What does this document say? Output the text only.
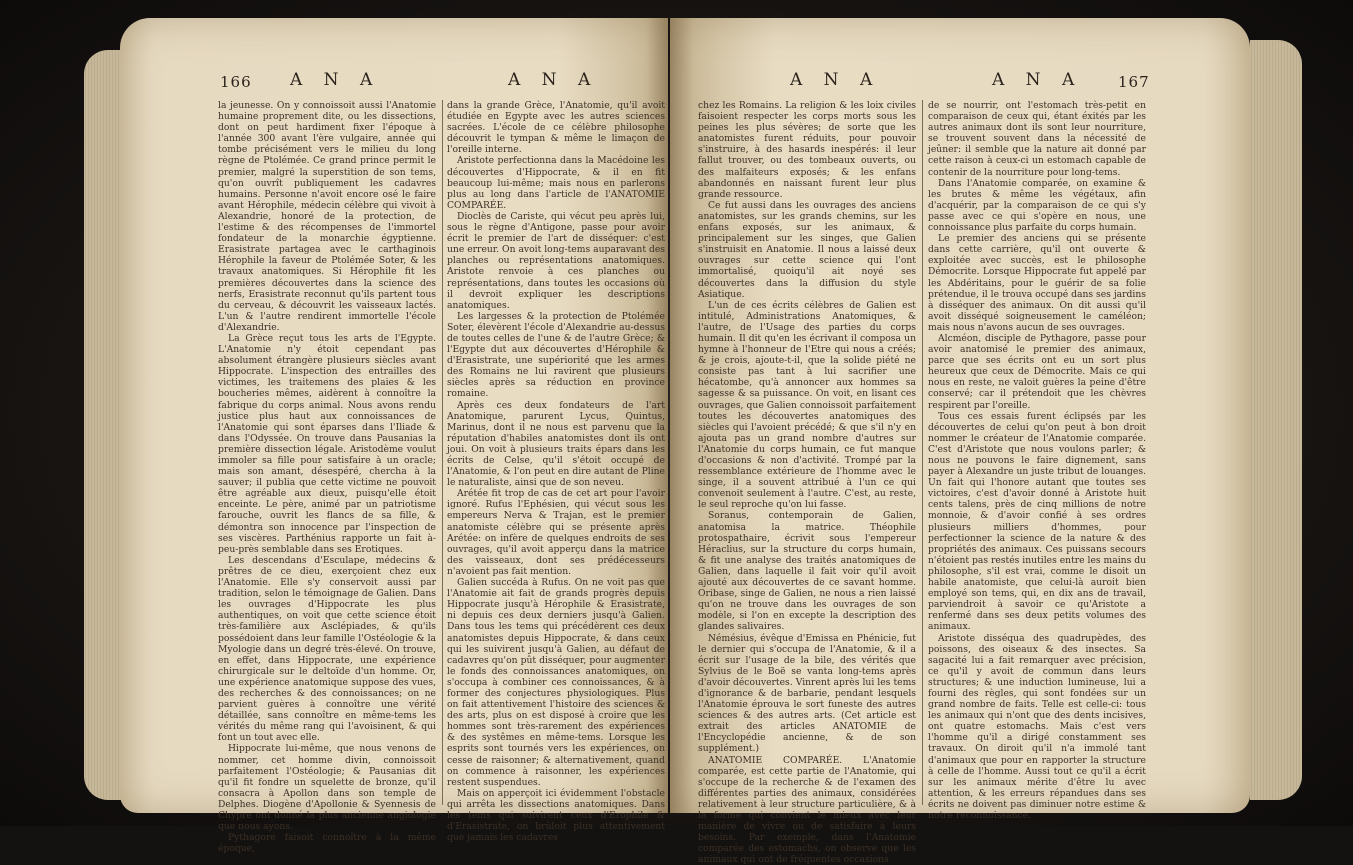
166 A N A	A N A

la jeunesse. On y connoissoit aussi l'Anatomie humaine proprement dite, ou les dissections, dont on peut hardiment fixer l'époque à l'année 300 avant l'ère vulgaire, année qui tombe précisément vers le milieu du long règne de Ptolémée. Ce grand prince permit le premier, malgré la superstition de son tems, qu'on ouvrît publiquement les cadavres humains. Personne n'avoit encore osé le faire avant Hérophile, médecin célèbre qui vivoit à Alexandrie, honoré de la protection, de l'estime & des récompenses de l'immortel fondateur de la monarchie égyptienne. Erasistrate partagea avec le carthaginois Hérophile la faveur de Ptolémée Soter, & les travaux anatomiques. Si Hérophile fit les premières découvertes dans la science des nerfs, Erasistrate reconnut qu'ils partent tous du cerveau, & découvrit les vaisseaux lactés. L'un & l'autre rendirent immortelle l'école d'Alexandrie.

La Grèce reçut tous les arts de l'Egypte. L'Anatomie n'y étoit cependant pas absolument étrangère plusieurs siècles avant Hippocrate. L'inspection des entrailles des victimes, les traitemens des plaies & les boucheries mêmes, aidèrent à connoître la fabrique du corps animal. Nous avons rendu justice plus haut aux connoissances de l'Anatomie qui sont éparses dans l'Iliade & dans l'Odyssée. On trouve dans Pausanias la première dissection légale. Aristodème voulut immoler sa fille pour satisfaire à un oracle; mais son amant, désespéré, chercha à la sauver; il publia que cette victime ne pouvoit être agréable aux dieux, puisqu'elle étoit enceinte. Le père, animé par un patriotisme farouche, ouvrit les flancs de sa fille, & démontra son innocence par l'inspection de ses viscères. Parthénius rapporte un fait à-peu-près semblable dans ses Erotiques.

Les descendans d'Esculape, médecins & prêtres de ce dieu, exerçoient chez eux l'Anatomie. Elle s'y conservoit aussi par tradition, selon le témoignage de Galien. Dans les ouvrages d'Hippocrate les plus authentiques, on voit que cette science étoit très-familière aux Asclépiades, & qu'ils possédoient dans leur famille l'Ostéologie & la Myologie dans un degré très-élevé. On trouve, en effet, dans Hippocrate, une expérience chirurgicale sur le deltoïde d'un homme. Or, une expérience anatomique suppose des vues, des recherches & des connoissances; on ne parvient guères à connoître une vérité détaillée, sans connoître en même-tems les vérités du même rang qui l'avoisinent, & qui font un tout avec elle.

Hippocrate lui-même, que nous venons de nommer, cet homme divin, connoissoit parfaitement l'Ostéologie; & Pausanias dit qu'il fit fondre un squelette de bronze, qu'il consacra à Apollon dans son temple de Delphes. Diogène d'Apollonie & Syennesis de Chypre ont donné la plus ancienne angiologie que nous ayons.

Pythagore faisoit connoître à la même époque,

dans la grande Grèce, l'Anatomie, qu'il avoit étudiée en Egypte avec les autres sciences sacrées. L'école de ce célèbre philosophe découvrit le tympan & même le limaçon de l'oreille interne.

Aristote perfectionna dans la Macédoine les découvertes d'Hippocrate, & il en fit beaucoup lui-même; mais nous en parlerons plus au long dans l'article de l'ANATOMIE COMPARÉE.

Dioclès de Cariste, qui vécut peu après lui, sous le règne d'Antigone, passe pour avoir écrit le premier de l'art de disséquer: c'est une erreur. On avoit long-tems auparavant des planches ou représentations anatomiques. Aristote renvoie à ces planches ou représentations, dans toutes les occasions où il devroit expliquer les descriptions anatomiques.

Les largesses & la protection de Ptolémée Soter, élevèrent l'école d'Alexandrie au-dessus de toutes celles de l'une & de l'autre Grèce; & l'Egypte dut aux découvertes d'Hérophile & d'Erasistrate, une supériorité que les armes des Romains ne lui ravirent que plusieurs siècles après sa réduction en province romaine.

Après ces deux fondateurs de l'art Anatomique, parurent Lycus, Quintus, Marinus, dont il ne nous est parvenu que la réputation d'habiles anatomistes dont ils ont joui. On voit à plusieurs traits épars dans les écrits de Celse, qu'il s'étoit occupé de l'Anatomie, & l'on peut en dire autant de Pline le naturaliste, ainsi que de son neveu.

Arétée fit trop de cas de cet art pour l'avoir ignoré. Rufus l'Ephésien, qui vécut sous les empereurs Nerva & Trajan, est le premier anatomiste célèbre qui se présente après Arétée: on infère de quelques endroits de ses ouvrages, qu'il avoit apperçu dans la matrice des vaisseaux, dont ses prédécesseurs n'avoient pas fait mention.

Galien succéda à Rufus. On ne voit pas que l'Anatomie ait fait de grands progrès depuis Hippocrate jusqu'à Hérophile & Erasistrate, ni depuis ces deux derniers jusqu'à Galien. Dans tous les tems qui précédèrent ces deux anatomistes depuis Hippocrate, & dans ceux qui les suivirent jusqu'à Galien, au défaut de cadavres qu'on pût disséquer, pour augmenter le fonds des connoissances anatomiques, on s'occupa à combiner ces connoissances, & à former des conjectures physiologiques. Plus on fait attentivement l'histoire des sciences & des arts, plus on est disposé à croire que les hommes sont très-rarement des expériences & des systêmes en même-tems. Lorsque les esprits sont tournés vers les expériences, on cesse de raisonner; & alternativement, quand on commence à raisonner, les expériences restent suspendues.

Mais on apperçoit ici évidemment l'obstacle qui arrêta les dissections anatomiques. Dans les tems qui suivirent ceux d'Erophile & d'Erasistrate, on brûloit plus attentivement que jamais les cadavres

A N A	A N A 167

chez les Romains. La religion & les loix civiles faisoient respecter les corps morts sous les peines les plus sévères; de sorte que les anatomistes furent réduits, pour pouvoir s'instruire, à des hasards inespérés: il leur fallut trouver, ou des tombeaux ouverts, ou des malfaiteurs exposés; & les enfans abandonnés en naissant furent leur plus grande ressource.

Ce fut aussi dans les ouvrages des anciens anatomistes, sur les grands chemins, sur les enfans exposés, sur les animaux, & principalement sur les singes, que Galien s'instruisit en Anatomie. Il nous a laissé deux ouvrages sur cette science qui l'ont immortalisé, quoiqu'il ait noyé ses découvertes dans la diffusion du style Asiatique.

L'un de ces écrits célèbres de Galien est intitulé, Administrations Anatomiques, & l'autre, de l'Usage des parties du corps humain. Il dit qu'en les écrivant il composa un hymne à l'honneur de l'Etre qui nous a créés; & je crois, ajoute-t-il, que la solide piété ne consiste pas tant à lui sacrifier une hécatombe, qu'à annoncer aux hommes sa sagesse & sa puissance. On voit, en lisant ces ouvrages, que Galien connoissoit parfaitement toutes les découvertes anatomiques des siècles qui l'avoient précédé; & que s'il n'y en ajouta pas un grand nombre d'autres sur l'Anatomie du corps humain, ce fut manque d'occasions & non d'activité. Trompé par la ressemblance extérieure de l'homme avec le singe, il a souvent attribué à l'un ce qui convenoit seulement à l'autre. C'est, au reste, le seul reproche qu'on lui fasse.

Soranus, contemporain de Galien, anatomisa la matrice. Théophile protospathaire, écrivit sous l'empereur Héraclius, sur la structure du corps humain, & fit une analyse des traités anatomiques de Galien, dans laquelle il fait voir qu'il avoit ajouté aux découvertes de ce savant homme. Oribase, singe de Galien, ne nous a rien laissé qu'on ne trouve dans les ouvrages de son modèle, si l'on en excepte la description des glandes salivaires.

Némésius, évêque d'Emissa en Phénicie, fut le dernier qui s'occupa de l'Anatomie, & il a écrit sur l'usage de la bile, des vérités que Sylvius de le Boë se vanta long-tems après d'avoir découvertes. Vinrent après lui les tems d'ignorance & de barbarie, pendant lesquels l'Anatomie éprouva le sort funeste des autres sciences & des autres arts. (Cet article est extrait des articles ANATOMIE de l'Encyclopédie ancienne, & de son supplément.)

ANATOMIE COMPARÉE. L'Anatomie comparée, est cette partie de l'Anatomie, qui s'occupe de la recherche & de l'examen des différentes parties des animaux, considérées relativement à leur structure particulière, & à la forme qui convient le mieux avec leur manière de vivre ou de satisfaire à leurs besoins. Par exemple, dans l'Anatomie comparée des estomachs, on observe que les animaux qui ont de fréquentes occasions

de se nourrir, ont l'estomach très-petit en comparaison de ceux qui, étant éxités par les autres animaux dont ils sont leur nourriture, se trouvent souvent dans la nécessité de jeûner: il semble que la nature ait donné par cette raison à ceux-ci un estomach capable de contenir de la nourriture pour long-tems.

Dans l'Anatomie comparée, on examine & les brutes & même les végétaux, afin d'acquérir, par la comparaison de ce qui s'y passe avec ce qui s'opère en nous, une connoissance plus parfaite du corps humain.

Le premier des anciens qui se présente dans cette carrière, qu'il ont ouverte & exploitée avec succès, est le philosophe Démocrite. Lorsque Hippocrate fut appelé par les Abdéritains, pour le guérir de sa folie prétendue, il le trouva occupé dans ses jardins à disséquer des animaux. On dit aussi qu'il avoit disséqué soigneusement le caméléon; mais nous n'avons aucun de ses ouvrages.

Alcméon, disciple de Pythagore, passe pour avoir anatomisé le premier des animaux, parce que ses écrits ont eu un sort plus heureux que ceux de Démocrite. Mais ce qui nous en reste, ne valoit guères la peine d'être conservé; car il prétendoit que les chèvres respirent par l'oreille.

Tous ces essais furent éclipsés par les découvertes de celui qu'on peut à bon droit nommer le créateur de l'Anatomie comparée. C'est d'Aristote que nous voulons parler; & nous ne pouvons le faire dignement, sans payer à Alexandre un juste tribut de louanges. Un fait qui l'honore autant que toutes ses victoires, c'est d'avoir donné à Aristote huit cents talens, près de cinq millions de notre monnoie, & d'avoir confié à ses ordres plusieurs milliers d'hommes, pour perfectionner la science de la nature & des propriétés des animaux. Ces puissans secours n'étoient pas restés inutiles entre les mains du philosophe, s'il est vrai, comme le disoit un habile anatomiste, que celui-là auroit bien employé son tems, qui, en dix ans de travail, parviendroit à savoir ce qu'Aristote a renfermé dans ses deux petits volumes des animaux.

Aristote disséqua des quadrupèdes, des poissons, des oiseaux & des insectes. Sa sagacité lui a fait remarquer avec précision, ce qu'il y avoit de commun dans leurs structures; & une induction lumineuse, lui a fourni des règles, qui sont fondées sur un grand nombre de faits. Telle est celle-ci: tous les animaux qui n'ont que des dents incisives, ont quatre estomachs. Mais c'est vers l'homme qu'il a dirigé constamment ses travaux. On diroit qu'il n'a immolé tant d'animaux que pour en rapporter la structure à celle de l'homme. Aussi tout ce qu'il a écrit sur les animaux mérite d'être lu avec attention, & les erreurs répandues dans ses écrits ne doivent pas diminuer notre estime & notre reconnoissance.
